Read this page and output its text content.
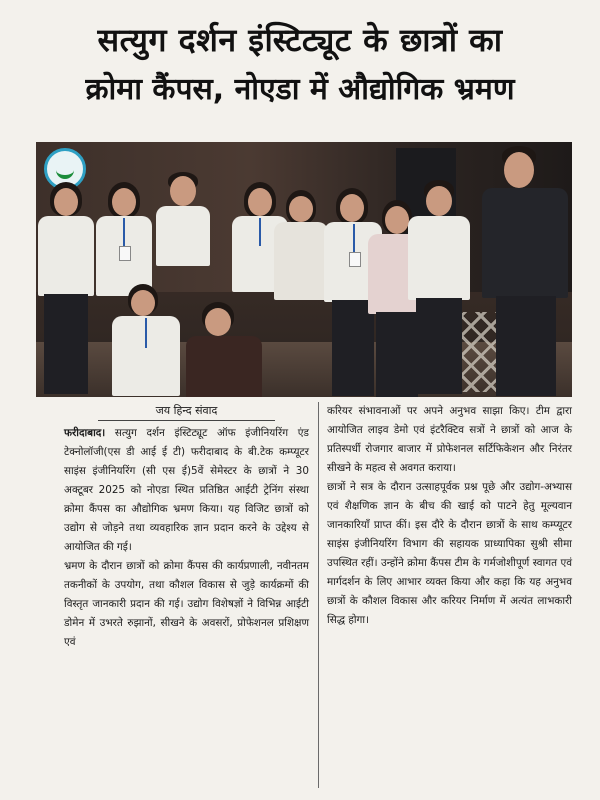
सत्युग दर्शन इंस्टिट्यूट के छात्रों का
क्रोमा कैंपस, नोएडा में औद्योगिक भ्रमण
जय हिन्द संवाद
फरीदाबाद। सत्युग दर्शन इंस्टिट्यूट ऑफ इंजीनियरिंग एंड टेक्नोलॉजी(एस डी आई ई टी) फरीदाबाद के बी.टेक कम्प्यूटर साइंस इंजीनियरिंग (सी एस ई)5वें सेमेस्टर के छात्रों ने 30 अक्टूबर 2025 को नोएडा स्थित प्रतिष्ठित आईटी ट्रेनिंग संस्था क्रोमा कैंपस का औद्योगिक भ्रमण किया। यह विजिट छात्रों को उद्योग से जोड़ने तथा व्यवहारिक ज्ञान प्रदान करने के उद्देश्य से आयोजित की गई।
भ्रमण के दौरान छात्रों को क्रोमा कैंपस की कार्यप्रणाली, नवीनतम तकनीकों के उपयोग, तथा कौशल विकास से जुड़े कार्यक्रमों की विस्तृत जानकारी प्रदान की गई। उद्योग विशेषज्ञों ने विभिन्न आईटी डोमेन में उभरते रुझानों, सीखने के अवसरों, प्रोफेशनल प्रशिक्षण एवं
करियर संभावनाओं पर अपने अनुभव साझा किए। टीम द्वारा आयोजित लाइव डेमो एवं इंटरैक्टिव सत्रों ने छात्रों को आज के प्रतिस्पर्धी रोजगार बाजार में प्रोफेशनल सर्टिफिकेशन और निरंतर सीखने के महत्व से अवगत कराया।
छात्रों ने सत्र के दौरान उत्साहपूर्वक प्रश्न पूछे और उद्योग-अभ्यास एवं शैक्षणिक ज्ञान के बीच की खाई को पाटने हेतु मूल्यवान जानकारियाँ प्राप्त कीं। इस दौरे के दौरान छात्रों के साथ कम्प्यूटर साइंस इंजीनियरिंग विभाग की सहायक प्राध्यापिका सुश्री सीमा उपस्थित रहीं। उन्होंने क्रोमा कैंपस टीम के गर्मजोशीपूर्ण स्वागत एवं मार्गदर्शन के लिए आभार व्यक्त किया और कहा कि यह अनुभव छात्रों के कौशल विकास और करियर निर्माण में अत्यंत लाभकारी सिद्ध होगा।
